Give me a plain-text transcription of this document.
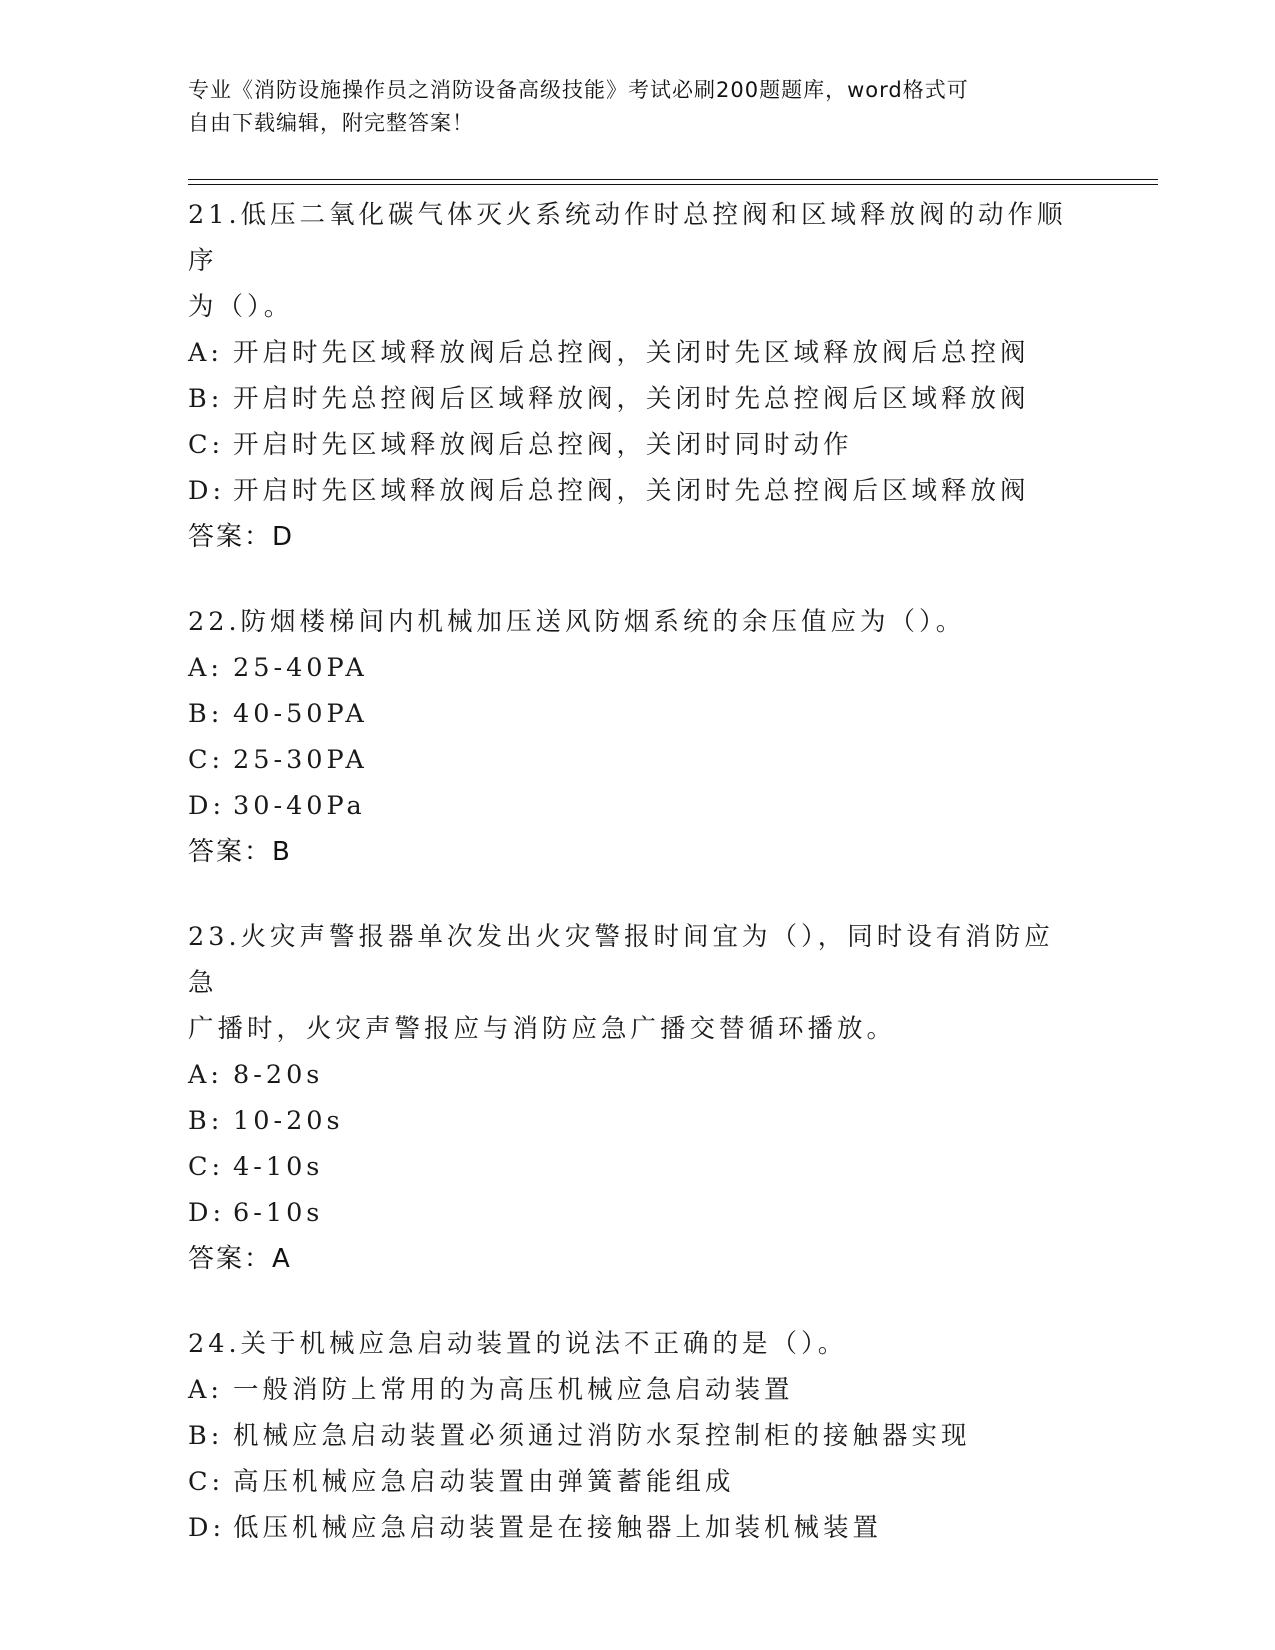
专业《消防设施操作员之消防设备高级技能》考试必刷200题题库，word格式可
自由下载编辑，附完整答案！
21.低压二氧化碳气体灭火系统动作时总控阀和区域释放阀的动作顺序
为（）。
A: 开启时先区域释放阀后总控阀，关闭时先区域释放阀后总控阀
B: 开启时先总控阀后区域释放阀，关闭时先总控阀后区域释放阀
C: 开启时先区域释放阀后总控阀，关闭时同时动作
D: 开启时先区域释放阀后总控阀，关闭时先总控阀后区域释放阀
答案：D
22.防烟楼梯间内机械加压送风防烟系统的余压值应为（）。
A: 25-40PA
B: 40-50PA
C: 25-30PA
D: 30-40Pa
答案：B
23.火灾声警报器单次发出火灾警报时间宜为（），同时设有消防应急
广播时，火灾声警报应与消防应急广播交替循环播放。
A: 8-20s
B: 10-20s
C: 4-10s
D: 6-10s
答案：A
24.关于机械应急启动装置的说法不正确的是（）。
A: 一般消防上常用的为高压机械应急启动装置
B: 机械应急启动装置必须通过消防水泵控制柜的接触器实现
C: 高压机械应急启动装置由弹簧蓄能组成
D: 低压机械应急启动装置是在接触器上加装机械装置
